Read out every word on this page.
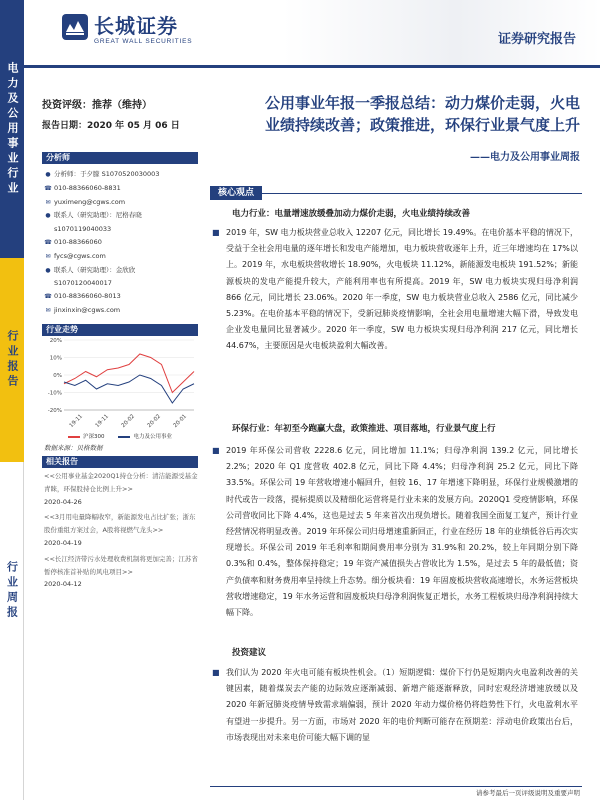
电力及公用事业行业
行业报告
行业周报
长城证券
GREAT WALL SECURITIES	证券研究报告
投资评级：推荐（维持）
报告日期：2020 年 05 月 06 日
公用事业年报一季报总结：动力煤价走弱，火电
业绩持续改善；政策推进，环保行业景气度上升
——电力及公用事业周报
分析师
● 分析师：于夕朦 S1070520030003
☎ 010-88366060-8831
✉ yuximeng@cgws.com
● 联系人（研究助理）：尼格春晓
s1070119040033
☎ 010-88366060
✉ fycs@cgws.com
● 联系人（研究助理）：金欣欣
S1070120040017
☎ 010-88366060-8013
✉ jinxinxin@cgws.com
行业走势
20%
10%
0%
-10%
-20%
19-11 19-11 20-02 20-02 20-01
沪深300	电力及公用事业
数据来源：贝格数据
相关报告
<<公用事业基金2020Q1持仓分析：清洁能源受基金青睐，环保股持仓比例上升>>
2020-04-26
<<3月用电量降幅收窄，新能源发电占比扩张；浙东股份重组方案过会，A股将视燃气龙头>>
2020-04-19
<<长江经济带污水处理收费机制将更加完善；江苏省暂停核准首补贴的风电项目>>
2020-04-12
核心观点
电力行业：电量增速放缓叠加动力煤价走弱，火电业绩持续改善
■ 2019 年，SW 电力板块营业总收入 12207 亿元，同比增长 19.49%。在电价基本平稳的情况下，受益于全社会用电量的逐年增长和发电产能增加，电力板块营收逐年上升，近三年增速均在 17%以上。2019 年，水电板块营收增长 18.90%，火电板块 11.12%，新能源发电板块 191.52%；新能源板块的发电产能提升较大，产能利用率也有所提高。2019 年，SW 电力板块实现归母净利润 866 亿元，同比增长 23.06%。2020 年一季度，SW 电力板块营业总收入 2586 亿元，同比减少 5.23%。在电价基本平稳的情况下，受新冠肺炎疫情影响，全社会用电量增速大幅下滑，导致发电企业发电量同比显著减少。2020 年一季度，SW 电力板块实现归母净利润 217 亿元，同比增长 44.67%，主要原因是火电板块盈利大幅改善。
环保行业：年初至今跑赢大盘，政策推进、项目落地，行业景气度上行
■ 2019 年环保公司营收 2228.6 亿元，同比增加 11.1%；归母净利润 139.2 亿元，同比增长 2.2%；2020 年 Q1 度营收 402.8 亿元，同比下降 4.4%；归母净利润 25.2 亿元，同比下降 33.5%。环保公司 19 年营收增速小幅回升，但较 16、17 年增速下降明显，环保行业规模激增的时代或告一段落，提标提质以及精细化运营将是行业未来的发展方向。2020Q1 受疫情影响，环保公司营收同比下降 4.4%，这也是过去 5 年来首次出现负增长。随着我国全面复工复产，预计行业经营情况将明显改善。2019 年环保公司归母增速重新回正，行业在经历 18 年的业绩低谷后再次实现增长。环保公司 2019 年毛利率和期间费用率分别为 31.9%和 20.2%，较上年同期分别下降 0.3%和 0.4%，整体保持稳定；19 年资产减值损失占营收比为 1.5%，是过去 5 年的最低值；资产负债率和财务费用率呈持续上升态势。细分板块看：19 年固废板块营收高速增长，水务运营板块营收增速稳定，19 年水务运营和固废板块归母净利润恢复正增长，水务工程板块归母净利润持续大幅下降。
投资建议
■ 我们认为 2020 年火电可能有板块性机会。（1）短期逻辑：煤价下行仍是短期内火电盈利改善的关键因素，随着煤炭去产能的边际效应逐渐减弱、新增产能逐渐释放，同时宏观经济增速放缓以及 2020 年新冠肺炎疫情导致需求端偏弱，预计 2020 年动力煤价格仍将趋势性下行，火电盈利水平有望进一步提升。另一方面，市场对 2020 年的电价判断可能存在预期差：浮动电价政策出台后，市场表现出对未来电价可能大幅下调的显
请参考最后一页评级说明及重要声明
